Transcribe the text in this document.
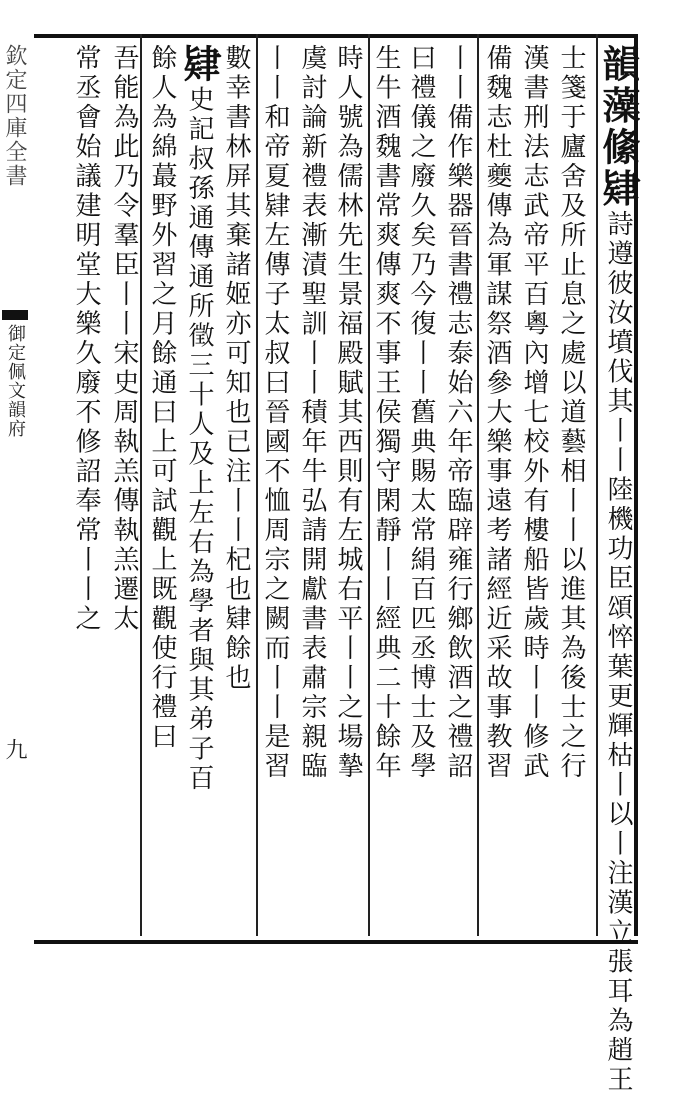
欽定四庫全書
御定佩文韻府
九
韻藻絛肄詩遵彼汝墳伐其丨丨陸機功臣頌悴葉更輝枯丨以丨注漢立張耳為趙王
士箋于廬舍及所止息之處以道藝相丨丨以進其為後士之行
漢書刑法志武帝平百粵內增七校外有樓船皆歲時丨丨修武
備魏志杜夔傳為軍謀祭酒參大樂事遠考諸經近采故事教習
丨丨備作樂器晉書禮志泰始六年帝臨辟雍行鄉飲酒之禮詔
曰禮儀之廢久矣乃今復丨丨舊典賜太常絹百匹丞博士及學
生牛酒魏書常爽傳爽不事王侯獨守閑靜丨丨經典二十餘年
時人號為儒林先生景福殿賦其西則有左城右平丨丨之場摯
虞討論新禮表漸漬聖訓丨丨積年牛弘請開獻書表肅宗親臨
丨丨和帝夏肄左傳子太叔曰晉國不恤周宗之闕而丨丨是習
數幸書林屏其棄諸姬亦可知也已注丨丨杞也肄餘也
肄史記叔孫通傳通所徵三十人及上左右為學者與其弟子百
餘人為綿蕞野外習之月餘通曰上可試觀上既觀使行禮曰
吾能為此乃令羣臣丨丨宋史周執羔傳執羔遷太
常丞會始議建明堂大樂久廢不修詔奉常丨丨之
